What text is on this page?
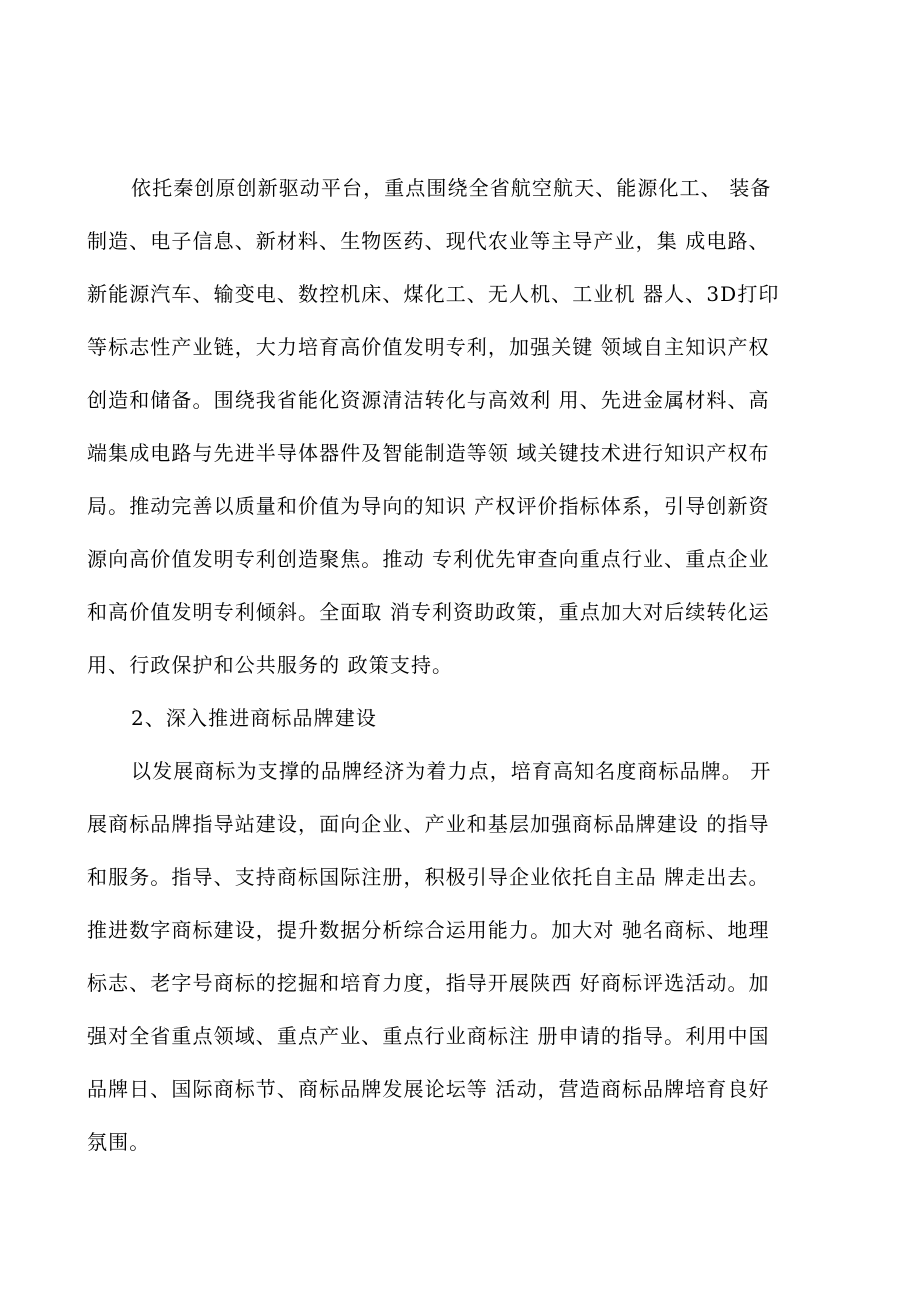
依托秦创原创新驱动平台，重点围绕全省航空航天、能源化工、 装备
制造、电子信息、新材料、生物医药、现代农业等主导产业，集 成电路、
新能源汽车、输变电、数控机床、煤化工、无人机、工业机 器人、3D打印
等标志性产业链，大力培育高价值发明专利，加强关键 领域自主知识产权
创造和储备。围绕我省能化资源清洁转化与高效利 用、先进金属材料、高
端集成电路与先进半导体器件及智能制造等领 域关键技术进行知识产权布
局。推动完善以质量和价值为导向的知识 产权评价指标体系，引导创新资
源向高价值发明专利创造聚焦。推动 专利优先审查向重点行业、重点企业
和高价值发明专利倾斜。全面取 消专利资助政策，重点加大对后续转化运
用、行政保护和公共服务的 政策支持。
2、深入推进商标品牌建设
以发展商标为支撑的品牌经济为着力点，培育高知名度商标品牌。 开
展商标品牌指导站建设，面向企业、产业和基层加强商标品牌建设 的指导
和服务。指导、支持商标国际注册，积极引导企业依托自主品 牌走出去。
推进数字商标建设，提升数据分析综合运用能力。加大对 驰名商标、地理
标志、老字号商标的挖掘和培育力度，指导开展陕西 好商标评选活动。加
强对全省重点领域、重点产业、重点行业商标注 册申请的指导。利用中国
品牌日、国际商标节、商标品牌发展论坛等 活动，营造商标品牌培育良好
氛围。
